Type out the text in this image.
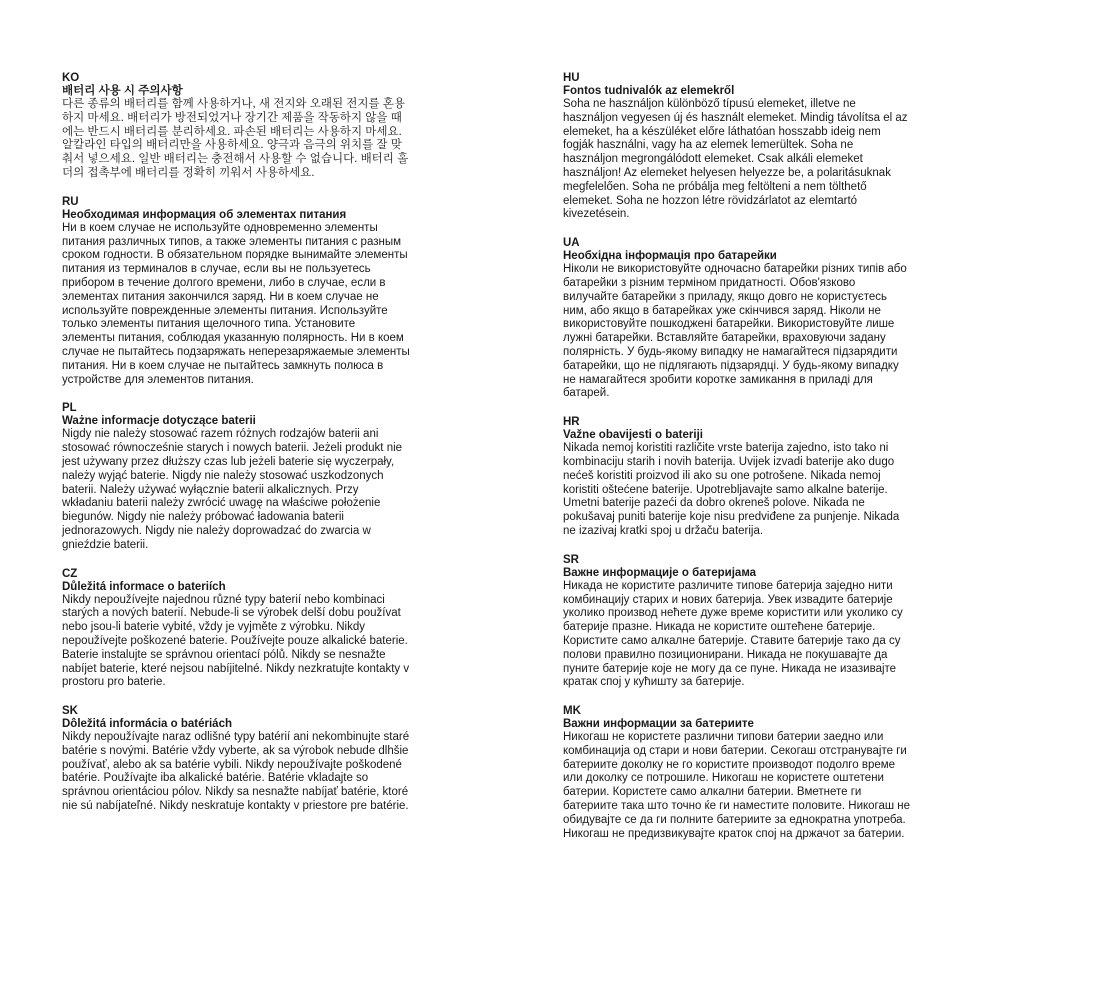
KO
배터리 사용 시 주의사항
다른 종류의 배터리를 함께 사용하거나, 새 전지와 오래된 전지를 혼용하지 마세요. 배터리가 방전되었거나 장기간 제품을 작동하지 않을 때에는 반드시 배터리를 분리하세요. 파손된 배터리는 사용하지 마세요. 알칼라인 타입의 배터리만을 사용하세요. 양극과 음극의 위치를 잘 맞춰서 넣으세요. 일반 배터리는 충전해서 사용할 수 없습니다. 배터리 홀더의 접촉부에 배터리를 정확히 끼워서 사용하세요.
RU
Необходимая информация об элементах питания
Ни в коем случае не используйте одновременно элементы питания различных типов, а также элементы питания с разным сроком годности. В обязательном порядке вынимайте элементы питания из терминалов в случае, если вы не пользуетесь прибором в течение долгого времени, либо в случае, если в элементах питания закончился заряд. Ни в коем случае не используйте поврежденные элементы питания. Используйте только элементы питания щелочного типа. Установите элементы питания, соблюдая указанную полярность. Ни в коем случае не пытайтесь подзаряжать неперезаряжаемые элементы питания. Ни в коем случае не пытайтесь замкнуть полюса в устройстве для элементов питания.
PL
Ważne informacje dotyczące baterii
Nigdy nie należy stosować razem różnych rodzajów baterii ani stosować równocześnie starych i nowych baterii. Jeżeli produkt nie jest używany przez dłuższy czas lub jeżeli baterie się wyczerpały, należy wyjąć baterie. Nigdy nie należy stosować uszkodzonych baterii. Należy używać wyłącznie baterii alkalicznych. Przy wkładaniu baterii należy zwrócić uwagę na właściwe położenie biegunów. Nigdy nie należy próbować ładowania baterii jednorazowych. Nigdy nie należy doprowadzać do zwarcia w gnieździe baterii.
CZ
Důležitá informace o bateriích
Nikdy nepoužívejte najednou různé typy baterií nebo kombinaci starých a nových baterií. Nebude-li se výrobek delší dobu používat nebo jsou-li baterie vybité, vždy je vyjměte z výrobku. Nikdy nepoužívejte poškozené baterie. Používejte pouze alkalické baterie. Baterie instalujte se správnou orientací pólů. Nikdy se nesnažte nabíjet baterie, které nejsou nabíjitelné. Nikdy nezkratujte kontakty v prostoru pro baterie.
SK
Dôležitá informácia o batériách
Nikdy nepoužívajte naraz odlišné typy batérií ani nekombinujte staré batérie s novými. Batérie vždy vyberte, ak sa výrobok nebude dlhšie používať, alebo ak sa batérie vybili. Nikdy nepoužívajte poškodené batérie. Používajte iba alkalické batérie. Batérie vkladajte so správnou orientáciou pólov. Nikdy sa nesnažte nabíjať batérie, ktoré nie sú nabíjateľné. Nikdy neskratuje kontakty v priestore pre batérie.
HU
Fontos tudnivalók az elemekről
Soha ne használjon különböző típusú elemeket, illetve ne használjon vegyesen új és használt elemeket. Mindig távolítsa el az elemeket, ha a készüléket előre láthatóan hosszabb ideig nem fogják használni, vagy ha az elemek lemerültek. Soha ne használjon megrongálódott elemeket. Csak alkáli elemeket használjon! Az elemeket helyesen helyezze be, a polaritásuknak megfelelően. Soha ne próbálja meg feltölteni a nem tölthető elemeket. Soha ne hozzon létre rövidzárlatot az elemtartó kivezetésein.
UA
Необхідна інформація про батарейки
Ніколи не використовуйте одночасно батарейки різних типів або батарейки з різним терміном придатності. Обов'язково вилучайте батарейки з приладу, якщо довго не користуєтесь ним, або якщо в батарейках уже скінчився заряд. Ніколи не використовуйте пошкоджені батарейки. Використовуйте лише лужні батарейки. Вставляйте батарейки, враховуючи задану полярність. У будь-якому випадку не намагайтеся підзарядити батарейки, що не підлягають підзарядці. У будь-якому випадку не намагайтеся зробити коротке замикання в приладі для батарей.
HR
Važne obavijesti o bateriji
Nikada nemoj koristiti različite vrste baterija zajedno, isto tako ni kombinaciju starih i novih baterija. Uvijek izvadi baterije ako dugo nećeš koristiti proizvod ili ako su one potrošene. Nikada nemoj koristiti oštećene baterije. Upotrebljavajte samo alkalne baterije. Umetni baterije pazeći da dobro okreneš polove. Nikada ne pokušavaj puniti baterije koje nisu predviđene za punjenje. Nikada ne izazivaj kratki spoj u držaču baterija.
SR
Важне информације о батеријама
Никада не користите различите типове батерија заједно нити комбинацију старих и нових батерија. Увек извадите батерије уколико производ нећете дуже време користити или уколико су батерије празне. Никада не користите оштећене батерије. Користите само алкалне батерије. Ставите батерије тако да су полови правилно позиционирани. Никада не покушавајте да пуните батерије које не могу да се пуне. Никада не изазивајте кратак спој у кућишту за батерије.
MK
Важни информации за батериите
Никогаш не користете различни типови батерии заедно или комбинација од стари и нови батерии. Секогаш отстранувајте ги батериите доколку не го користите производот подолго време или доколку се потрошиле. Никогаш не користете оштетени батерии. Користете само алкални батерии. Вметнете ги батериите така што точно ќе ги наместите половите. Никогаш не обидувајте се да ги полните батериите за еднократна употреба. Никогаш не предизвикувајте краток спој на држачот за батерии.
